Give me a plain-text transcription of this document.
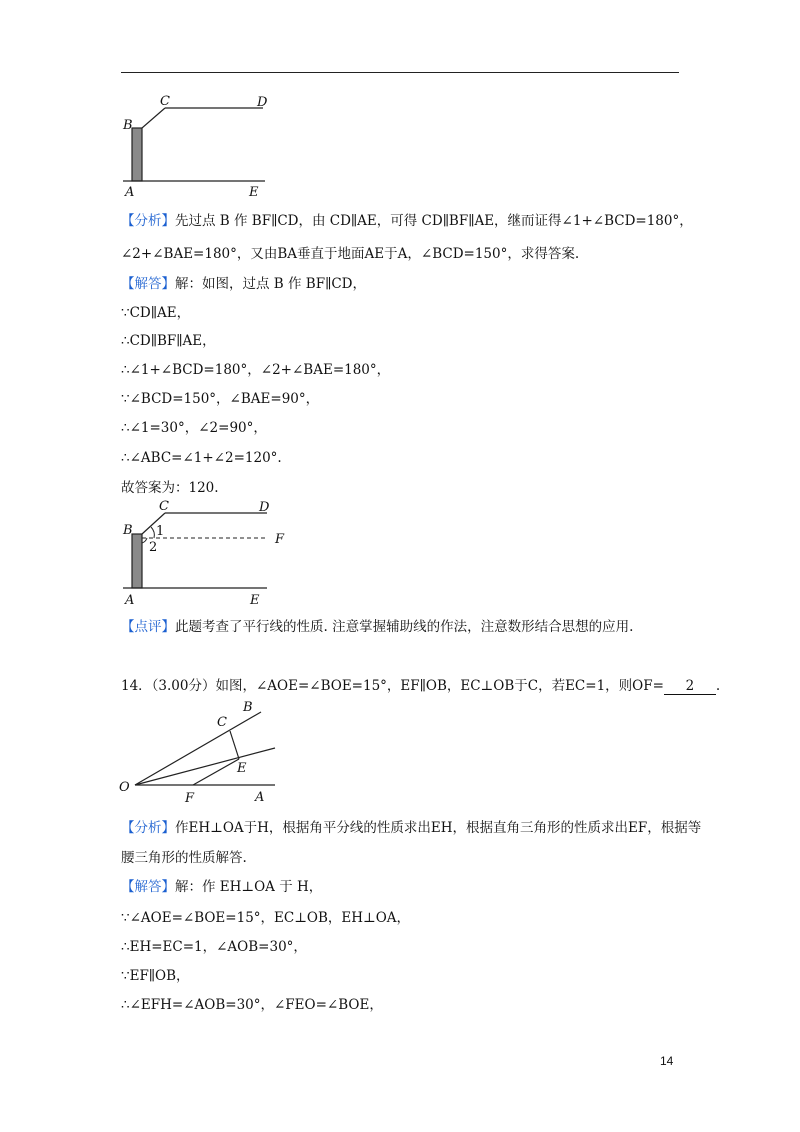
B
C	D
A	E
【分析】先过点 B 作 BF∥CD，由 CD∥AE，可得 CD∥BF∥AE，继而证得∠1+∠BCD=180°，
∠2+∠BAE=180°，又由BA垂直于地面AE于A，∠BCD=150°，求得答案.
【解答】解：如图，过点 B 作 BF∥CD，
∵CD∥AE，
∴CD∥BF∥AE，
∴∠1+∠BCD=180°，∠2+∠BAE=180°，
∵∠BCD=150°，∠BAE=90°，
∴∠1=30°，∠2=90°，
∴∠ABC=∠1+∠2=120°.
故答案为：120.
B
C	D
F
1
2
A	E
【点评】此题考查了平行线的性质. 注意掌握辅助线的作法，注意数形结合思想的应用.
14．（3.00分）如图，∠AOE=∠BOE=15°，EF∥OB，EC⊥OB于C，若EC=1，则OF= 2 .
O
A
B
C
E
F
【分析】作EH⊥OA于H，根据角平分线的性质求出EH，根据直角三角形的性质求出EF，根据等
腰三角形的性质解答.
【解答】解：作 EH⊥OA 于 H，
∵∠AOE=∠BOE=15°，EC⊥OB，EH⊥OA，
∴EH=EC=1，∠AOB=30°，
∵EF∥OB，
∴∠EFH=∠AOB=30°，∠FEO=∠BOE，
14
